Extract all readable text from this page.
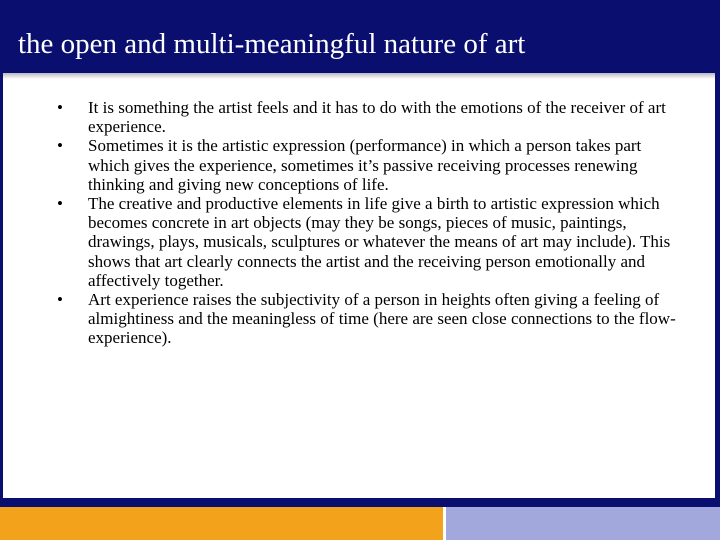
the open and multi-meaningful nature of art
• It is something the artist feels and it has to do with the emotions of the receiver of art experience.
• Sometimes it is the artistic expression (performance) in which a person takes part which gives the experience, sometimes it’s passive receiving processes renewing thinking and giving new conceptions of life.
• The creative and productive elements in life give a birth to artistic expression which becomes concrete in art objects (may they be songs, pieces of music, paintings, drawings, plays, musicals, sculptures or whatever the means of art may include). This shows that art clearly connects the artist and the receiving person emotionally and affectively together.
• Art experience raises the subjectivity of a person in heights often giving a feeling of almightiness and the meaningless of time (here are seen close connections to the flow-experience).
